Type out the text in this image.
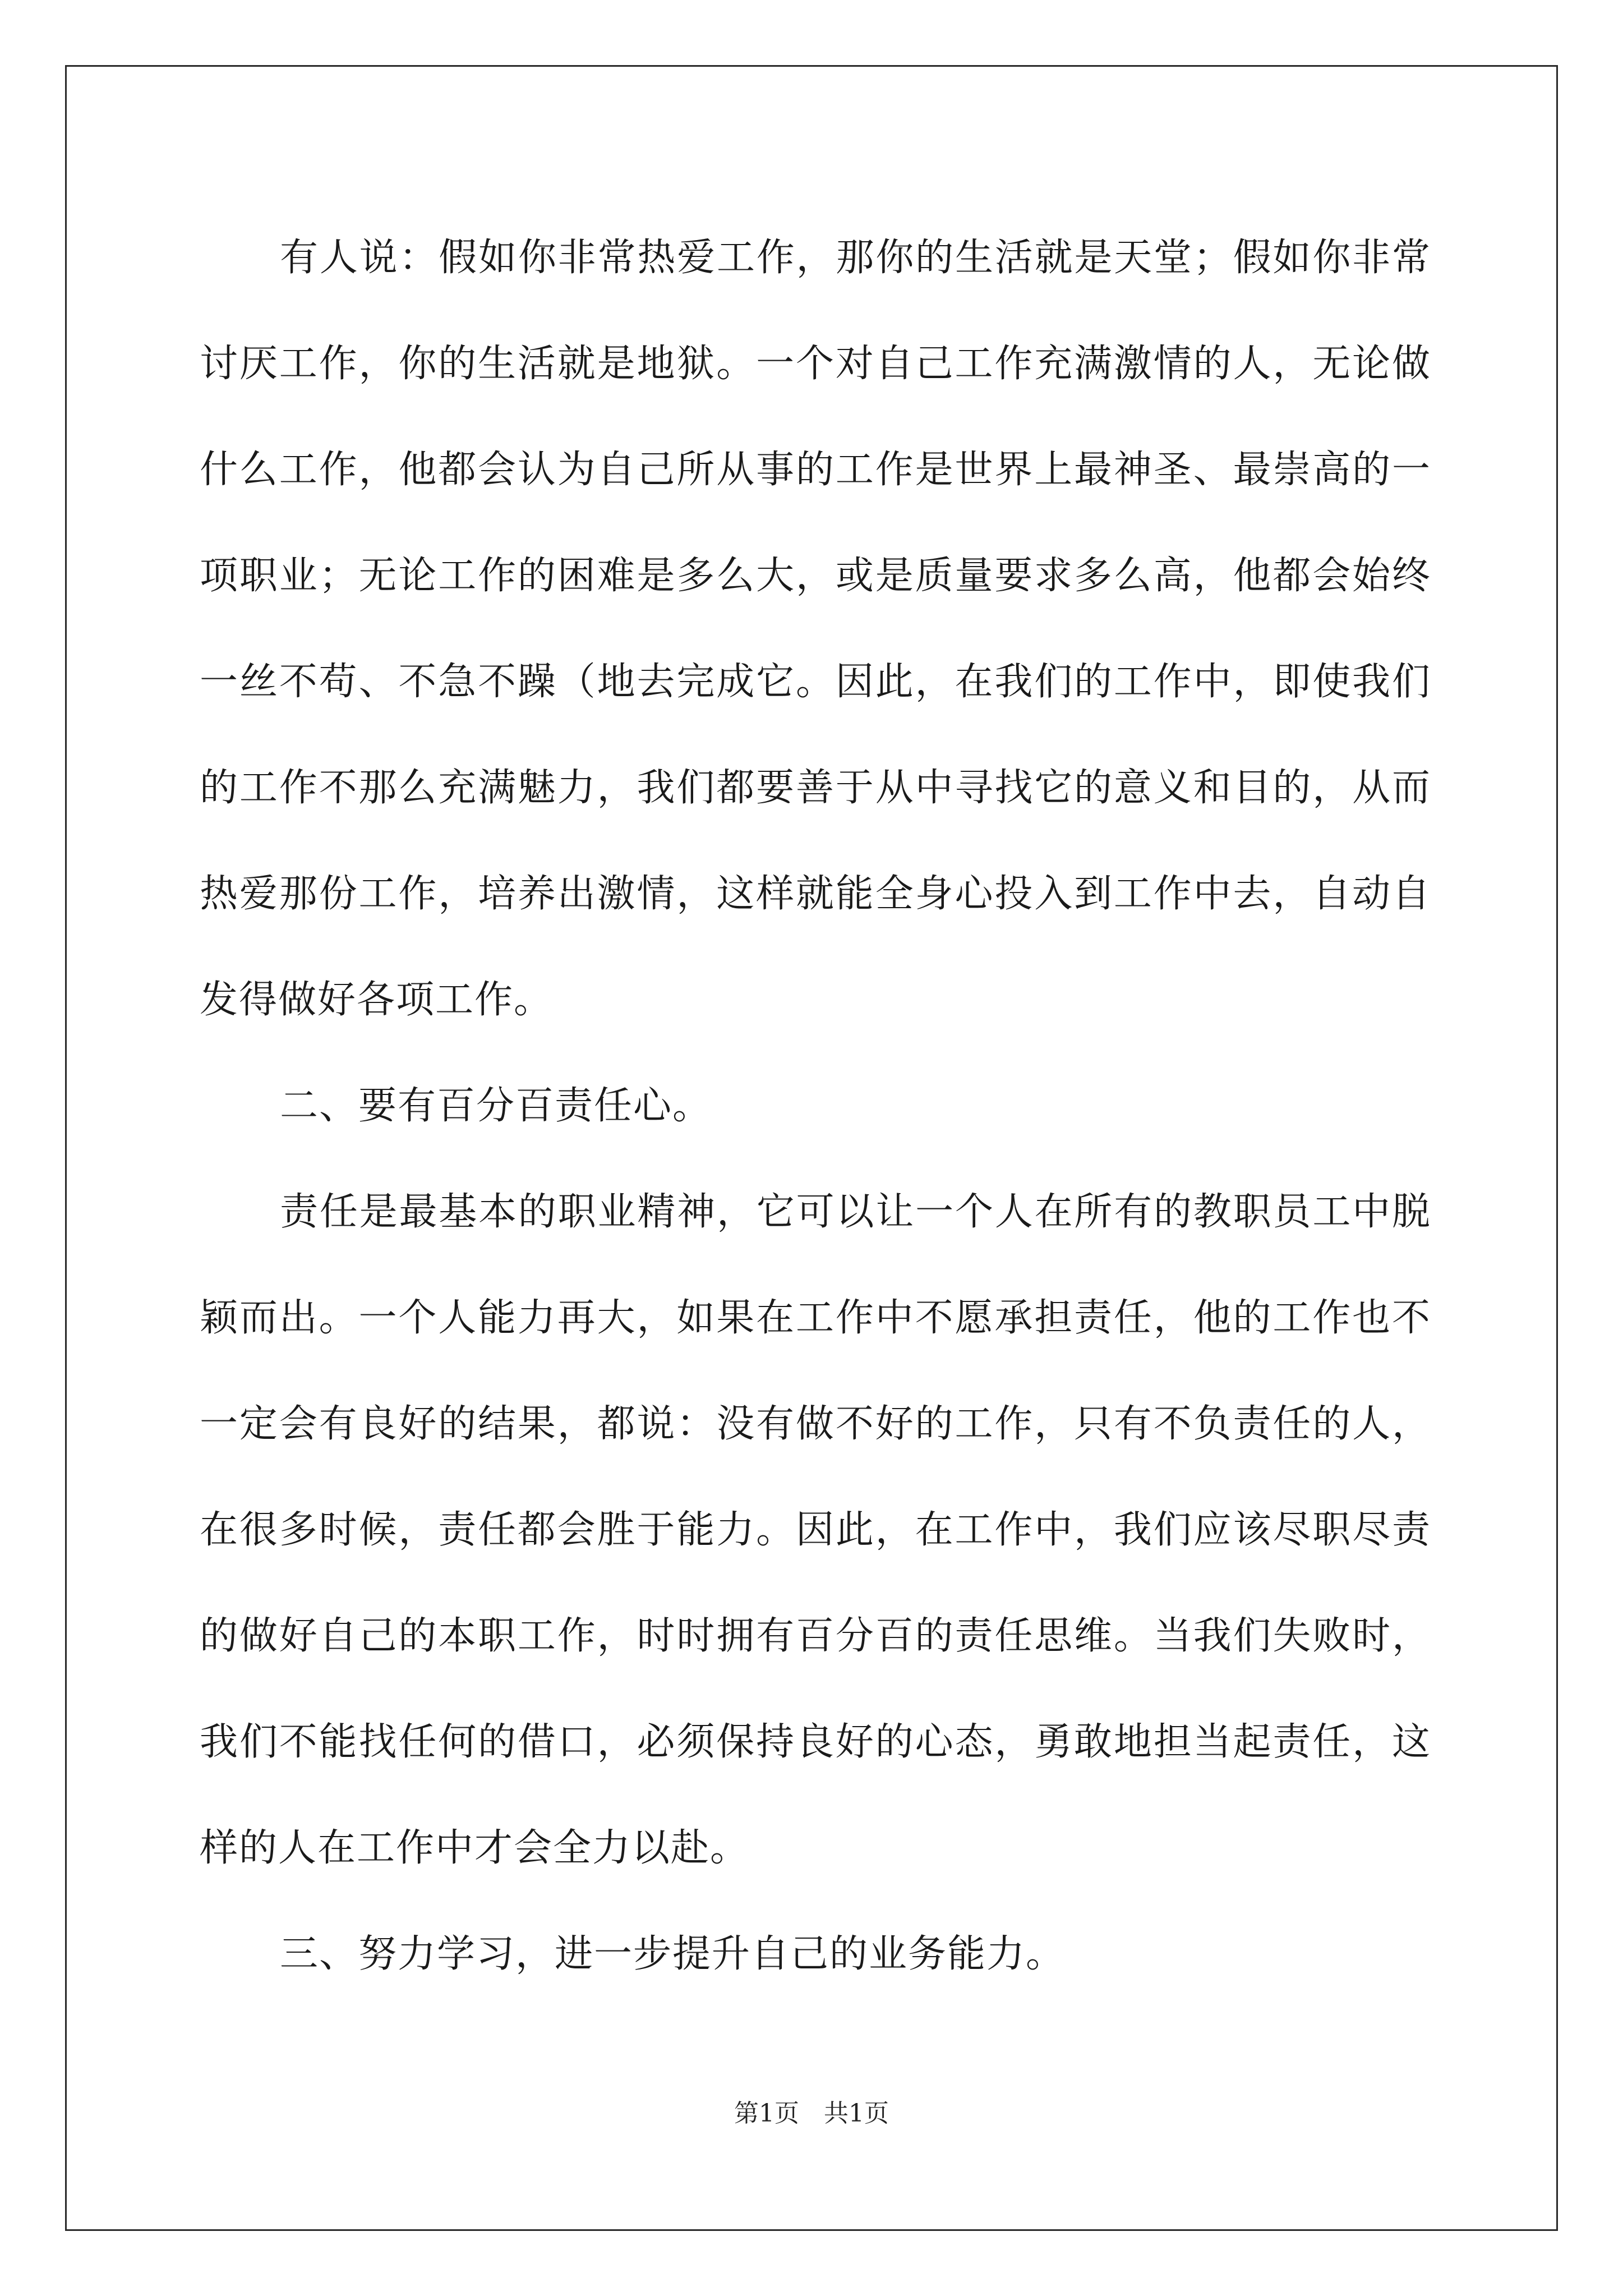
有人说：假如你非常热爱工作，那你的生活就是天堂；假如你非常讨厌工作，你的生活就是地狱。一个对自己工作充满激情的人，无论做什么工作，他都会认为自己所从事的工作是世界上最神圣、最崇高的一项职业；无论工作的困难是多么大，或是质量要求多么高，他都会始终一丝不苟、不急不躁（地去完成它。因此，在我们的工作中，即使我们的工作不那么充满魅力，我们都要善于从中寻找它的意义和目的，从而热爱那份工作，培养出激情，这样就能全身心投入到工作中去，自动自发得做好各项工作。

二、要有百分百责任心。

责任是最基本的职业精神，它可以让一个人在所有的教职员工中脱颖而出。一个人能力再大，如果在工作中不愿承担责任，他的工作也不一定会有良好的结果，都说：没有做不好的工作，只有不负责任的人，在很多时候，责任都会胜于能力。因此，在工作中，我们应该尽职尽责的做好自己的本职工作，时时拥有百分百的责任思维。当我们失败时，我们不能找任何的借口，必须保持良好的心态，勇敢地担当起责任，这样的人在工作中才会全力以赴。

三、努力学习，进一步提升自己的业务能力。

第1页 共1页
